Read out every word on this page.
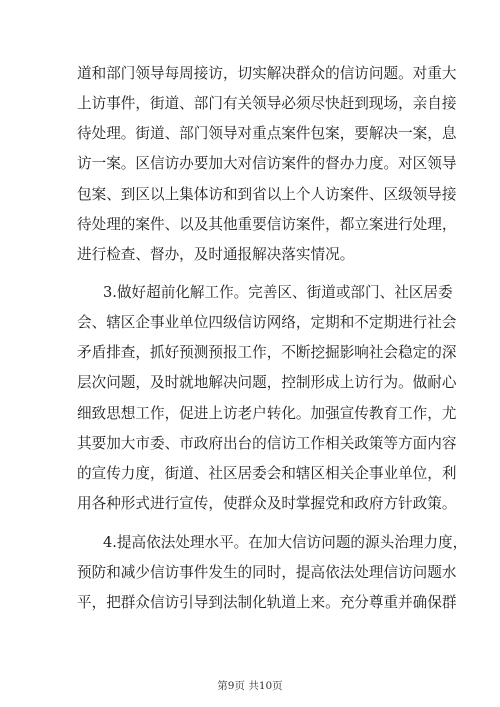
道和部门领导每周接访，切实解决群众的信访问题。对重大
上访事件，街道、部门有关领导必须尽快赶到现场，亲自接
待处理。街道、部门领导对重点案件包案，要解决一案，息
访一案。区信访办要加大对信访案件的督办力度。对区领导
包案、到区以上集体访和到省以上个人访案件、区级领导接
待处理的案件、以及其他重要信访案件，都立案进行处理，
进行检查、督办，及时通报解决落实情况。
3.做好超前化解工作。完善区、街道或部门、社区居委
会、辖区企事业单位四级信访网络，定期和不定期进行社会
矛盾排查，抓好预测预报工作，不断挖掘影响社会稳定的深
层次问题，及时就地解决问题，控制形成上访行为。做耐心
细致思想工作，促进上访老户转化。加强宣传教育工作，尤
其要加大市委、市政府出台的信访工作相关政策等方面内容
的宣传力度，街道、社区居委会和辖区相关企事业单位，利
用各种形式进行宣传，使群众及时掌握党和政府方针政策。
4.提高依法处理水平。在加大信访问题的源头治理力度，
预防和减少信访事件发生的同时，提高依法处理信访问题水
平，把群众信访引导到法制化轨道上来。充分尊重并确保群
第9页 共10页
